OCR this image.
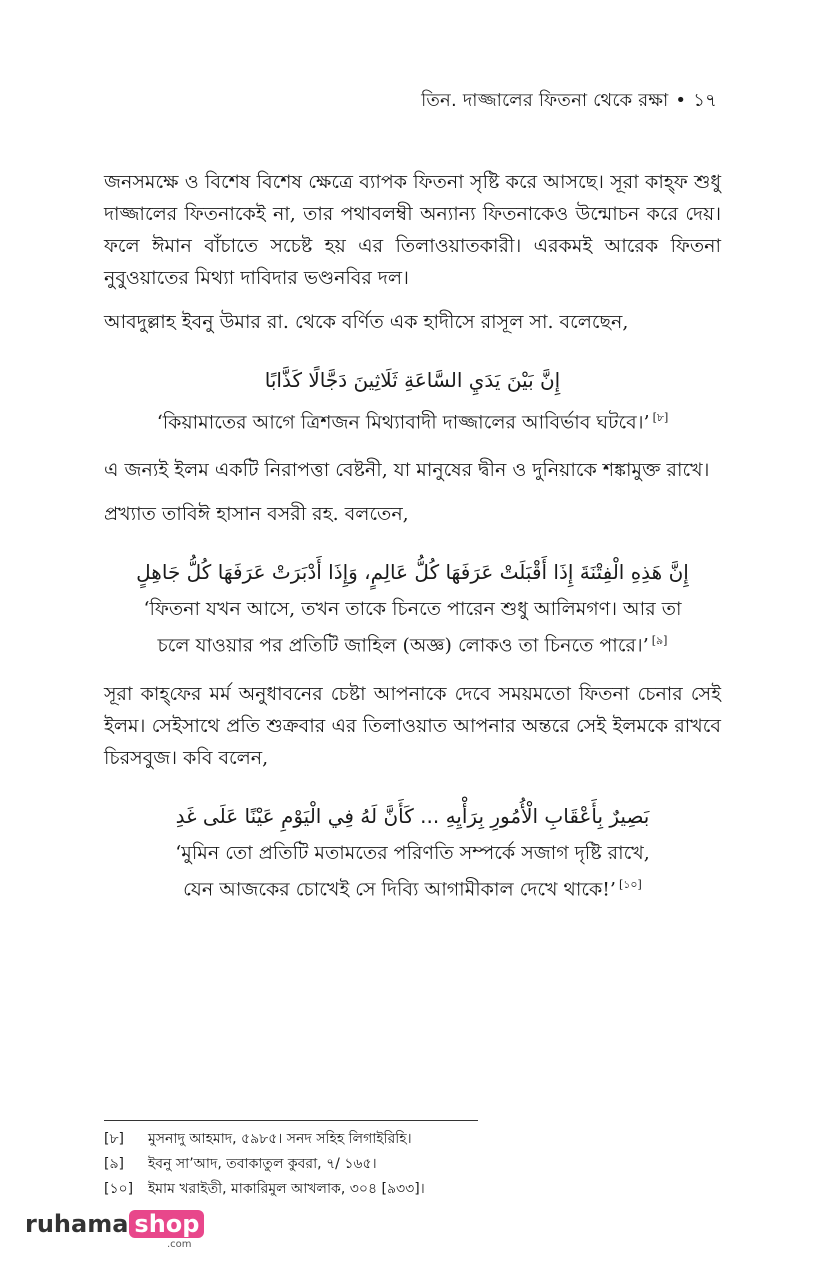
তিন. দাজ্জালের ফিতনা থেকে রক্ষা • ১৭

জনসমক্ষে ও বিশেষ বিশেষ ক্ষেত্রে ব্যাপক ফিতনা সৃষ্টি করে আসছে। সূরা কাহ্‌ফ শুধু দাজ্জালের ফিতনাকেই না, তার পথাবলম্বী অন্যান্য ফিতনাকেও উন্মোচন করে দেয়। ফলে ঈমান বাঁচাতে সচেষ্ট হয় এর তিলাওয়াতকারী। এরকমই আরেক ফিতনা নুবুওয়াতের মিথ্যা দাবিদার ভণ্ডনবির দল।

আবদুল্লাহ ইবনু উমার রা. থেকে বর্ণিত এক হাদীসে রাসূল সা. বলেছেন,

إِنَّ بَيْنَ يَدَيِ السَّاعَةِ ثَلَاثِينَ دَجَّالًا كَذَّابًا
‘কিয়ামাতের আগে ত্রিশজন মিথ্যাবাদী দাজ্জালের আবির্ভাব ঘটবে।’ [৮]

এ জন্যই ইলম একটি নিরাপত্তা বেষ্টনী, যা মানুষের দ্বীন ও দুনিয়াকে শঙ্কামুক্ত রাখে।

প্রখ্যাত তাবিঈ হাসান বসরী রহ. বলতেন,

إِنَّ هَذِهِ الْفِتْنَةَ إِذَا أَقْبَلَتْ عَرَفَهَا كُلُّ عَالِمٍ، وَإِذَا أَدْبَرَتْ عَرَفَهَا كُلُّ جَاهِلٍ
‘ফিতনা যখন আসে, তখন তাকে চিনতে পারেন শুধু আলিমগণ। আর তা
চলে যাওয়ার পর প্রতিটি জাহিল (অজ্ঞ) লোকও তা চিনতে পারে।’ [৯]

সূরা কাহ্‌ফের মর্ম অনুধাবনের চেষ্টা আপনাকে দেবে সময়মতো ফিতনা চেনার সেই ইলম। সেইসাথে প্রতি শুক্রবার এর তিলাওয়াত আপনার অন্তরে সেই ইলমকে রাখবে চিরসবুজ। কবি বলেন,

بَصِيرٌ بِأَعْقَابِ الْأُمُورِ بِرَأْيِهِ ... كَأَنَّ لَهُ فِي الْيَوْمِ عَيْنًا عَلَى غَدِ
‘মুমিন তো প্রতিটি মতামতের পরিণতি সম্পর্কে সজাগ দৃষ্টি রাখে,
যেন আজকের চোখেই সে দিব্যি আগামীকাল দেখে থাকে!’ [১০]
[৮] মুসনাদু আহমাদ, ৫৯৮৫। সনদ সহিহ লিগাইরিহি।
[৯] ইবনু সা’আদ, তবাকাতুল কুবরা, ৭/ ১৬৫।
[১০] ইমাম খরাইতী, মাকারিমুল আখলাক, ৩০৪ [৯৩৩]।
ruhama shop
.com
